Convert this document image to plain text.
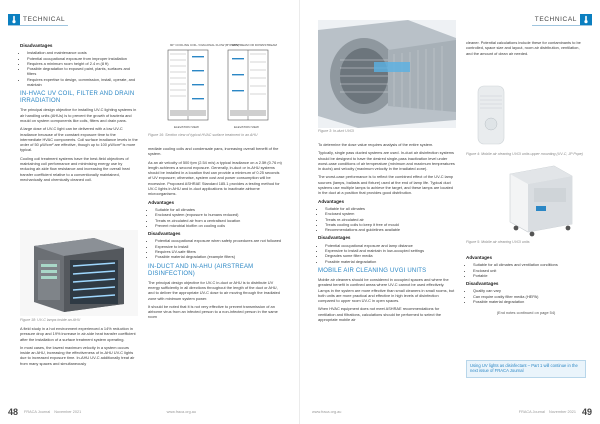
TECHNICAL
Disadvantages
• Installation and maintenance costs
• Potential occupational exposure from improper installation
• Requires a minimum room height of 2.4 m (8 ft)
• Possible degradation to exposed paint, plants, surfaces and filters
• Requires expertise to design, commission, install, operate, and maintain
IN-HVAC UV COIL, FILTER AND DRAIN IRRADIATION

The principal design objective for installing UV-C lighting systems in air handling units (AHUs) is to prevent the growth of bacteria and mould on system components like coils, filters and drain pans.

A large dose of UV-C light can be delivered with a low UV-C irradiance because of the constant exposure time to the intermediate HVAC components. Coil surface irradiance levels in the order of 50 μW/cm² are effective, though up to 100 μW/cm² is more typical.

Cooling coil treatment systems have the best-field objectives of maintaining coil performance and minimising energy use by reducing air-side flow resistance and increasing the overall heat transfer coefficient relative to a conventionally maintained, mechanically and chemically cleaned coil.

Figure 18: UV-C lamps inside an AHU

A field study in a hot environment experienced a 14% reduction in pressure drop and 19% increase in air-side heat transfer coefficient after the installation of a surface treatment system operating.

In most cases, the lowest maximum velocity in a system occurs inside an AHU, increasing the effectiveness of in-AHU UV-C lights due to increased exposure time. In-AHU UV-C additionally treat air from many spaces and simultaneously

90° COOLING COIL / DIAGONAL FLOW (BYPASS)
UPSTREAM OR DOWNSTREAM
ELEVATION VIEW	ELEVATION VIEW
Figure 16: Section view of typical HVAC surface treatment in an AHU

mediate cooling coils and condensate pans, increasing overall benefit of the system.

As an air velocity of 500 fpm (2.54 m/s) a typical irradiance on a 2.5ft (0.76 m) length achieves a second exposure. Generally, in-duct or in-AHU systems should be installed in a location that can provide a minimum of 0.25 seconds of UV exposure; otherwise, system cost and power consumption will be excessive. Proposed ASHRAE Standard 185.1 provides a testing method for UV-C lights in AHU and in-duct applications to inactivate airborne microorganisms.

Advantages
• Suitable for all climates
• Enclosed system (exposure to humans reduced)
• Treats re-circulated air from a centralised location
• Prevent microbial biofilm on cooling coils
Disadvantages
• Potential occupational exposure when safety procedures are not followed
• Expensive to install
• Requires UV-safe filters
• Possible material degradation (example filters)
IN-DUCT AND IN-AHU (AIRSTREAM DISINFECTION)

The principal design objective for UV-C in-duct or AHU is to distribute UV energy sufficiently in all directions throughout the length of the duct or AHU, and to deliver the appropriate UV-C dose to air moving through the irradiated zone with minimum system power.

It should be noted that it is not very effective to prevent transmission of an airborne virus from an infected person to a non-infected person in the same room

48 FRACA Journal November 2021	www.fraca.org.au
TECHNICAL
Figure 3: In-duct UVGI

To determine the dose value requires analysis of the entire system.

Typically, single pass ducted systems are used. In-duct air disinfection systems should be designed to have the desired single-pass inactivation level under worst-case conditions of air temperature (minimum and maximum temperatures in ducts) and velocity (maximum velocity in the irradiated zone).

The worst-case performance is to reflect the combined effect of the UV-C lamp sources (lamps, ballasts and fixture) used at the end of lamp life. Typical duct systems use multiple lamps to achieve the target, and these lamps are located in the duct at a position that provides good distribution.

Advantages
• Suitable for all climates
• Enclosed system
• Treats re-circulated air
• Treats cooling coils to keep it free of mould
• Recommendations and guidelines available
Disadvantages
• Potential occupational exposure and lamp distance
• Expensive to install and maintain in low-occupied settings
• Degrades some filter media
• Possible material degradation
MOBILE AIR CLEANING UVGI UNITS

Mobile air cleaners should be considered in occupied spaces and where the greatest benefit in confined areas where UV-C cannot be used effectively. Lamps in the system are more effective than small cleaners in small rooms, but both units are more practical and effective in high levels of disinfection compared to upper room UV-C in open spaces.

When HVAC equipment does not meet ASHRAE recommendations for ventilation and filtrations, calculations should be performed to select the appropriate mobile air

cleaner. Potential calculations include these for contaminants to be controlled, space size and layout, room air distribution, ventilation, and the amount of clean air needed.

Figure 4: Mobile air cleaning UVGI units upper mounting (UV-C, JP Pope)
Figure 5: Mobile air cleaning UVGI units
Advantages
• Suitable for all climates and ventilation conditions
• Enclosed unit
• Portable
Disadvantages
• Quality can vary
• Can require costly filter media (HEPA)
• Possible material degradation

(End notes continued on page 54)

Using UV lights as disinfectant – Part 1 will continue in the next issue of FRACA Journal
www.fraca.org.au	FRACA Journal November 2021 49
